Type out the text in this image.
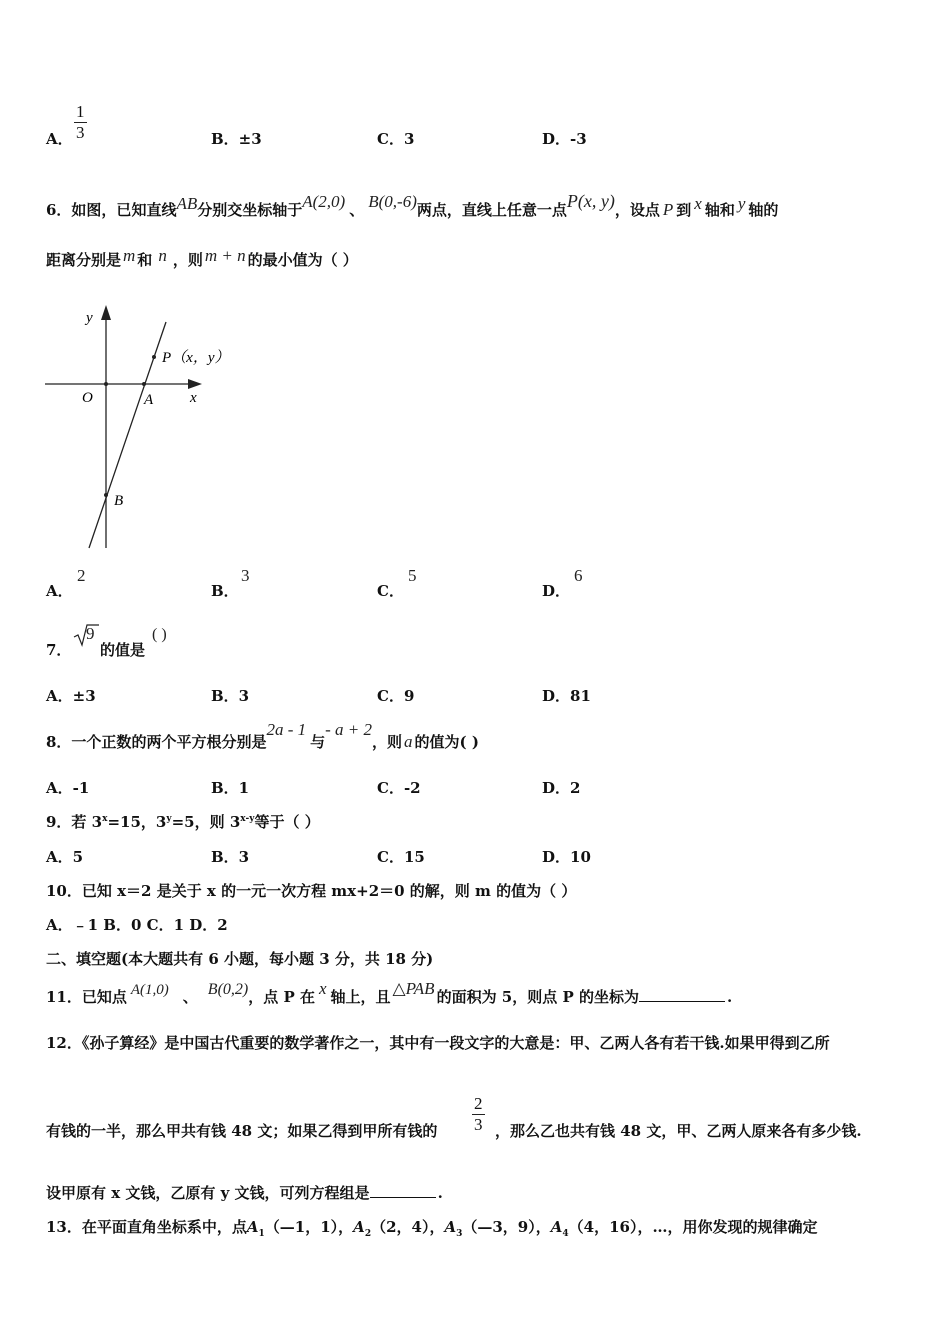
A． $\frac{1}{3}$	B．±3	C．3	D．-3
6．如图，已知直线AB分别交坐标轴于A(2,0) 、 B(0,-6)两点，直线上任意一点P(x, y)，设点 P 到 x 轴和 y 轴的
距离分别是 m 和 n ，则 m + n 的最小值为（ ）
y
x
O	A
B
P（x，y）
A．
2
B．
3
C．
5
D．
6
7．
9
的值是
( )
A．±3	B．3	C．9	D．81
8．一个正数的两个平方根分别是2a - 1与- a + 2，则 a 的值为( )
A．-1	B．1	C．-2	D．2
9．若 $3^x=15$，$3^y=5$，则 3$^{x-y}$等于（ ）
A．5	B．3	C．15	D．10
10．已知 x＝2 是关于 x 的一元一次方程 mx+2＝0 的解，则 m 的值为（ ）
A．﹣1 B．0 C．1 D．2
二、填空题(本大题共有 6 小题，每小题 3 分，共 18 分)
11．已知点 A(1,0) 、 B(0,2)，点 P 在 x 轴上，且 △PAB 的面积为 5，则点 P 的坐标为	.
12．《孙子算经》是中国古代重要的数学著作之一，其中有一段文字的大意是：甲、乙两人各有若干钱.如果甲得到乙所
有钱的一半，那么甲共有钱 48 文；如果乙得到甲所有钱的 $\frac{2}{3}$ ，那么乙也共有钱 48 文，甲、乙两人原来各有多少钱.
设甲原有 x 文钱，乙原有 y 文钱，可列方程组是	.
13．在平面直角坐标系中，点$A_1(—1$，1），$A_2(2$，4），$A_3(—3$，9），$A_4(4$，16），…，用你发现的规律确定
